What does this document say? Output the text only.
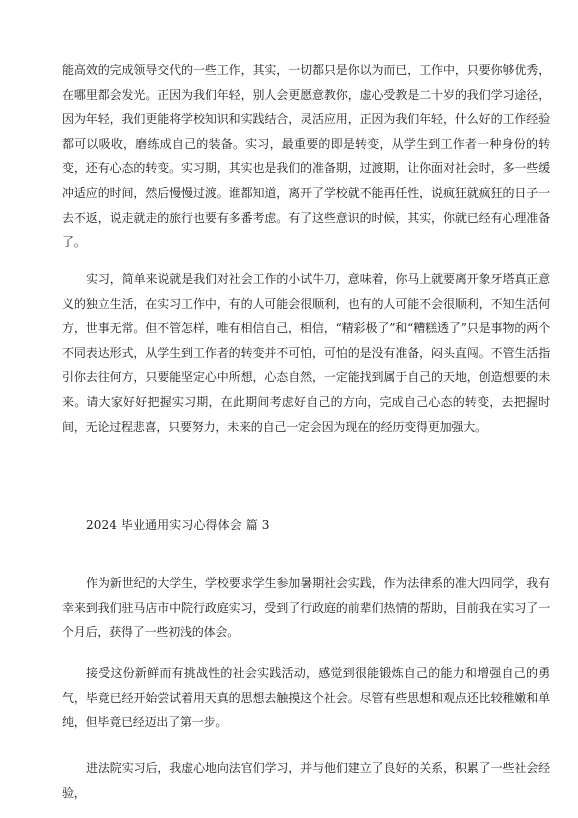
能高效的完成领导交代的一些工作，其实，一切都只是你以为而已，工作中，只要你够优秀，在哪里都会发光。正因为我们年轻，别人会更愿意教你，虚心受教是二十岁的我们学习途径，因为年轻，我们更能将学校知识和实践结合，灵活应用，正因为我们年轻，什么好的工作经验都可以吸收，磨练成自己的装备。实习，最重要的即是转变，从学生到工作者一种身份的转变，还有心态的转变。实习期，其实也是我们的准备期，过渡期，让你面对社会时，多一些缓冲适应的时间，然后慢慢过渡。谁都知道，离开了学校就不能再任性，说疯狂就疯狂的日子一去不返，说走就走的旅行也要有多番考虑。有了这些意识的时候，其实，你就已经有心理准备了。

实习，简单来说就是我们对社会工作的小试牛刀，意味着，你马上就要离开象牙塔真正意义的独立生活，在实习工作中，有的人可能会很顺利，也有的人可能不会很顺利，不知生活何方，世事无常。但不管怎样，唯有相信自己，相信，“精彩极了”和“糟糕透了”只是事物的两个不同表达形式，从学生到工作者的转变并不可怕，可怕的是没有准备，闷头直闯。不管生活指引你去往何方，只要能坚定心中所想，心态自然，一定能找到属于自己的天地，创造想要的未来。请大家好好把握实习期，在此期间考虑好自己的方向，完成自己心态的转变，去把握时间，无论过程悲喜，只要努力，未来的自己一定会因为现在的经历变得更加强大。

2024 毕业通用实习心得体会 篇 3

作为新世纪的大学生，学校要求学生参加暑期社会实践，作为法律系的准大四同学，我有幸来到我们驻马店市中院行政庭实习，受到了行政庭的前辈们热情的帮助，目前我在实习了一个月后，获得了一些初浅的体会。

接受这份新鲜而有挑战性的社会实践活动，感觉到很能锻炼自己的能力和增强自己的勇气，毕竟已经开始尝试着用天真的思想去触摸这个社会。尽管有些思想和观点还比较稚嫩和单纯，但毕竟已经迈出了第一步。

进法院实习后，我虚心地向法官们学习，并与他们建立了良好的关系，积累了一些社会经验，
